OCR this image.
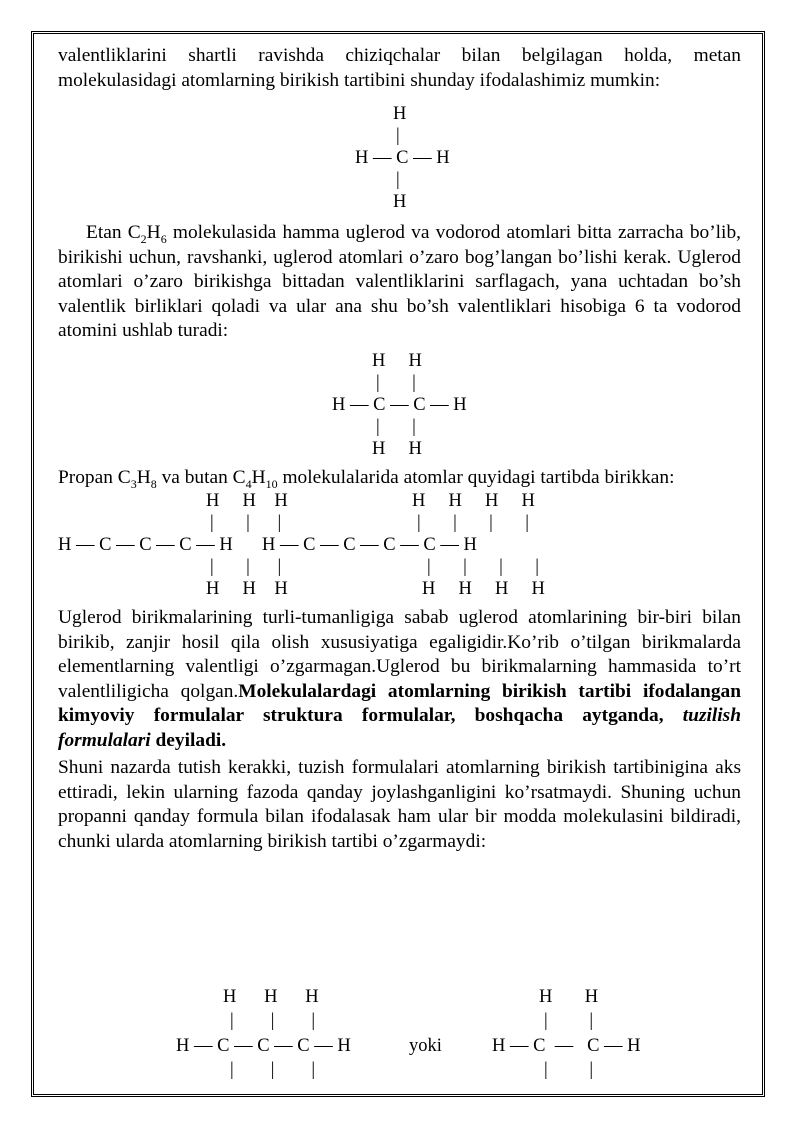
valentliklarini shartli ravishda chiziqchalar bilan belgilagan holda, metan molekulasidagi atomlarning birikish tartibini shunday ifodalashimiz mumkin:

H
|
H — C — H
|
H

Etan $C_2H_6$ molekulasida hamma uglerod va vodorod atomlari bitta zarracha bo’lib, birikishi uchun, ravshanki, uglerod atomlari o’zaro bog’langan bo’lishi kerak. Uglerod atomlari o’zaro birikishga bittadan valentliklarini sarflagach, yana uchtadan bo’sh valentlik birliklari qoladi va ular ana shu bo’sh valentliklari hisobiga 6 ta vodorod atomini ushlab turadi:

H     H
|       |
H — C — C — H
|       |
H     H

Propan $C_3H_8$ va butan $C_4H_{10}$ molekulalarida atomlar quyidagi tartibda birikkan:

H     H    H
|       |      |
H — C — C — C — H
|       |      |
H     H    H
H     H     H     H
|       |       |       |
H — C — C — C — C — H
|       |       |       |
H     H     H     H

Uglerod birikmalarining turli-tumanligiga sabab uglerod atomlarining bir-biri bilan birikib, zanjir hosil qila olish xususiyatiga egaligidir.Ko’rib o’tilgan birikmalarda elementlarning valentligi o’zgarmagan.Uglerod bu birikmalarning hammasida to’rt valentliligicha qolgan.Molekulalardagi atomlarning birikish tartibi ifodalangan kimyoviy formulalar struktura formulalar, boshqacha aytganda, tuzilish formulalari deyiladi.

Shuni nazarda tutish kerakki, tuzish formulalari atomlarning birikish tartibinigina aks ettiradi, lekin ularning fazoda qanday joylashganligini ko’rsatmaydi. Shuning uchun propanni qanday formula bilan ifodalasak ham ular bir modda molekulasini bildiradi, chunki ularda atomlarning birikish tartibi o’zgarmaydi:

H      H      H
|        |        |
H — C — C — C — H
|        |        |
yoki
H       H
|         |
H — C  —   C — H
|         |
